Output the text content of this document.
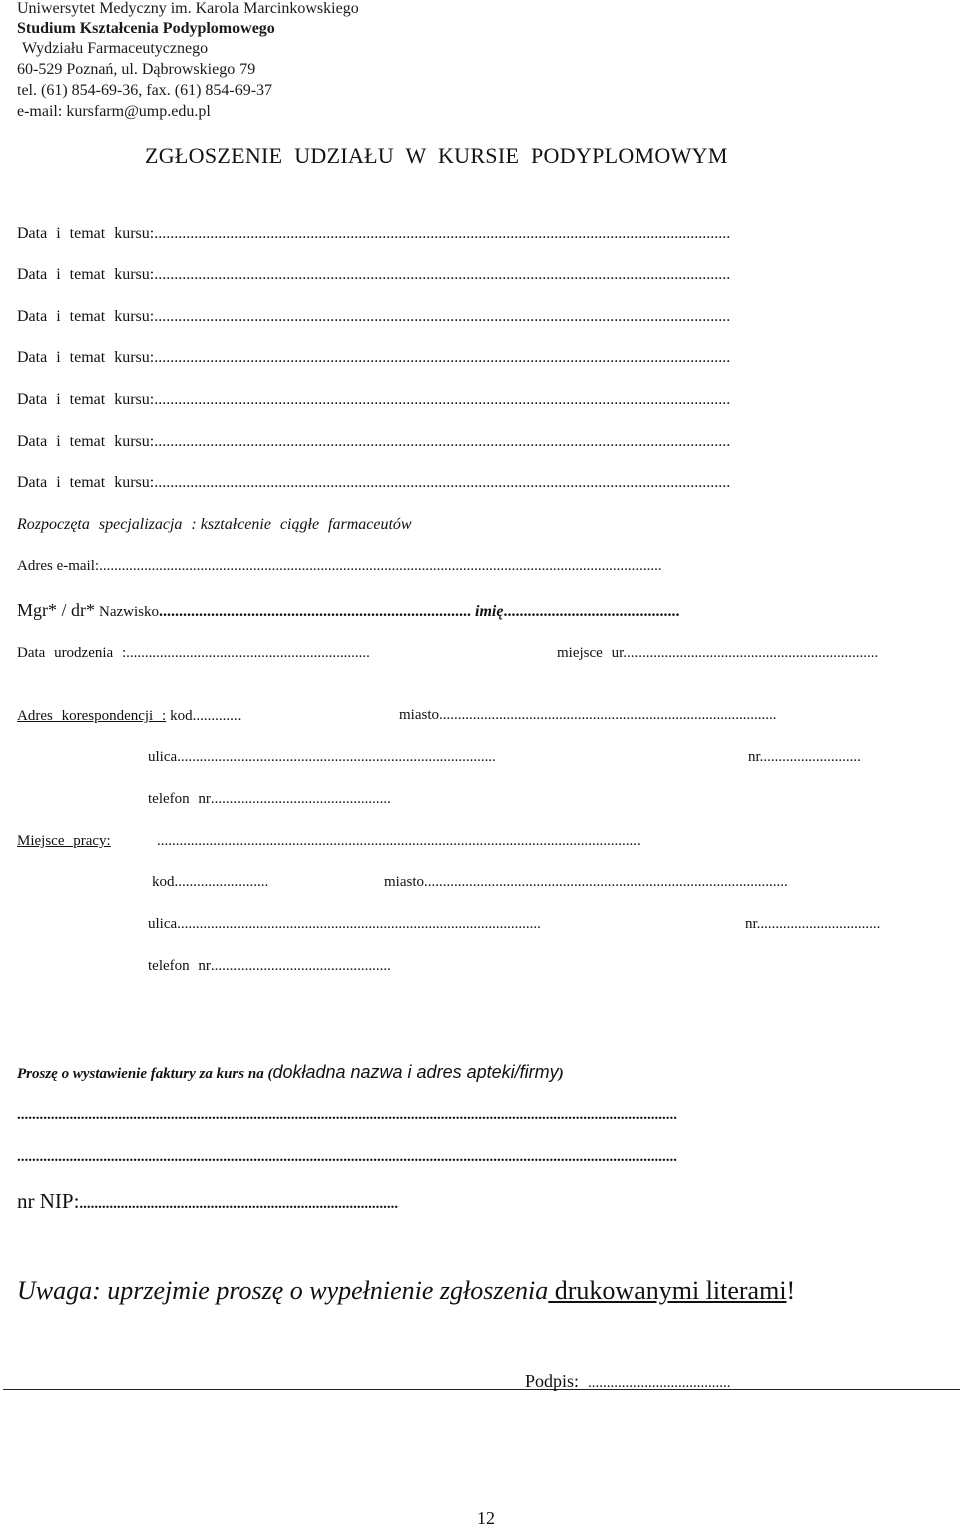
Uniwersytet Medyczny im. Karola Marcinkowskiego
Studium Kształcenia Podyplomowego
Wydziału Farmaceutycznego
60-529 Poznań, ul. Dąbrowskiego 79
tel. (61) 854-69-36, fax. (61) 854-69-37
e-mail: kursfarm@ump.edu.pl
ZGŁOSZENIE UDZIAŁU W KURSIE PODYPLOMOWYM
Data i temat kursu:................................................................................................................................................
Data i temat kursu:................................................................................................................................................
Data i temat kursu:................................................................................................................................................
Data i temat kursu:................................................................................................................................................
Data i temat kursu:................................................................................................................................................
Data i temat kursu:................................................................................................................................................
Data i temat kursu:................................................................................................................................................
Rozpoczęta specjalizacja : kształcenie ciągłe farmaceutów
Adres e-mail:......................................................................................................................................................
Mgr* / dr* Nazwisko.............................................................................. imię............................................
Data urodzenia :.................................................................	miejsce ur....................................................................
Adres korespondencji : kod.............	miasto..........................................................................................
ulica.....................................................................................	nr...........................
telefon nr................................................
Miejsce pracy:	.................................................................................................................................
kod.........................	miasto.................................................................................................
ulica.................................................................................................	nr.................................
telefon nr................................................
Proszę o wystawienie faktury za kurs na (dokładna nazwa i adres apteki/firmy)
................................................................................................................................................................................
................................................................................................................................................................................
nr NIP:.....................................................................................
Uwaga: uprzejmie proszę o wypełnienie zgłoszenia drukowanymi literami!
Podpis: ......................................
12
